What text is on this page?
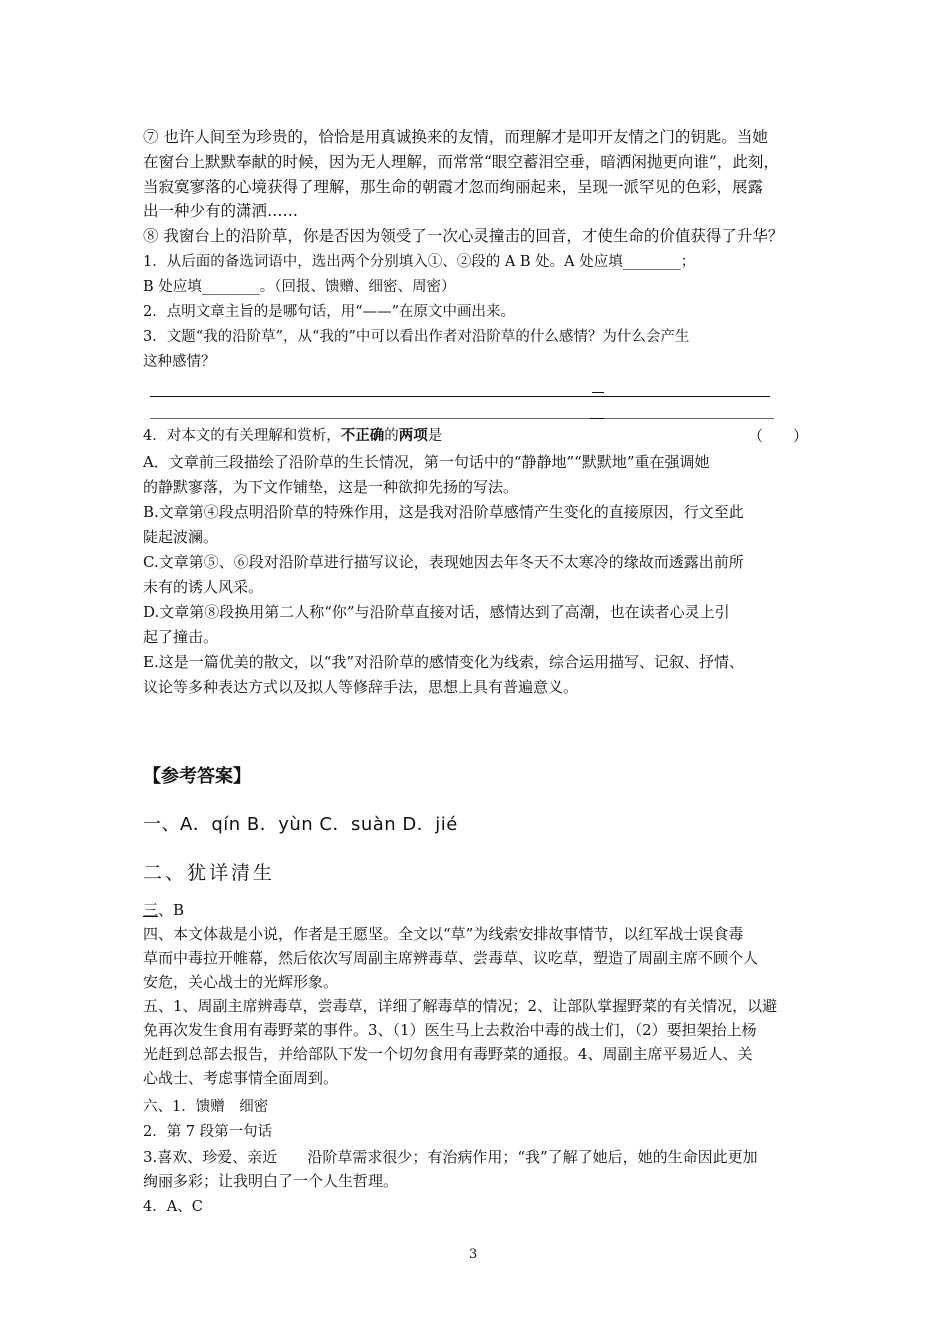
⑦ 也许人间至为珍贵的，恰恰是用真诚换来的友情，而理解才是叩开友情之门的钥匙。当她
在窗台上默默奉献的时候，因为无人理解，而常常“眼空蓄泪空垂，暗洒闲抛更向谁”，此刻，
当寂寞寥落的心境获得了理解，那生命的朝霞才忽而绚丽起来，呈现一派罕见的色彩，展露
出一种少有的潇洒……
⑧ 我窗台上的沿阶草，你是否因为领受了一次心灵撞击的回音，才使生命的价值获得了升华？
1．从后面的备选词语中，选出两个分别填入①、②段的 A B 处。A 处应填________；
B 处应填________。（回报、馈赠、细密、周密）
2．点明文章主旨的是哪句话，用“——”在原文中画出来。
3．文题“我的沿阶草”，从“我的”中可以看出作者对沿阶草的什么感情？为什么会产生
这种感情？
4．对本文的有关理解和赏析，不正确的两项是	（　　）
A．文章前三段描绘了沿阶草的生长情况，第一句话中的“静静地”“默默地”重在强调她
的静默寥落，为下文作铺垫，这是一种欲抑先扬的写法。
B.文章第④段点明沿阶草的特殊作用，这是我对沿阶草感情产生变化的直接原因，行文至此
陡起波澜。
C.文章第⑤、⑥段对沿阶草进行描写议论，表现她因去年冬天不太寒冷的缘故而透露出前所
未有的诱人风采。
D.文章第⑧段换用第二人称“你”与沿阶草直接对话，感情达到了高潮，也在读者心灵上引
起了撞击。
E.这是一篇优美的散文，以“我”对沿阶草的感情变化为线索，综合运用描写、记叙、抒情、
议论等多种表达方式以及拟人等修辞手法，思想上具有普遍意义。
【参考答案】
一、A．qín B．yùn C．suàn D．jié
二、犹详清生
三、B
四、本文体裁是小说，作者是王愿坚。全文以“草”为线索安排故事情节，以红军战士误食毒
草而中毒拉开帷幕，然后依次写周副主席辨毒草、尝毒草、议吃草，塑造了周副主席不顾个人
安危，关心战士的光辉形象。
五、1、周副主席辨毒草，尝毒草，详细了解毒草的情况；2、让部队掌握野菜的有关情况，以避
免再次发生食用有毒野菜的事件。3、（1）医生马上去救治中毒的战士们，（2）要担架抬上杨
光赶到总部去报告，并给部队下发一个切勿食用有毒野菜的通报。4、周副主席平易近人、关
心战士、考虑事情全面周到。
六、1．馈赠　细密
2．第 7 段第一句话
3.喜欢、珍爱、亲近　　沿阶草需求很少；有治病作用；“我”了解了她后，她的生命因此更加
绚丽多彩；让我明白了一个人生哲理。
4．A、C
3
